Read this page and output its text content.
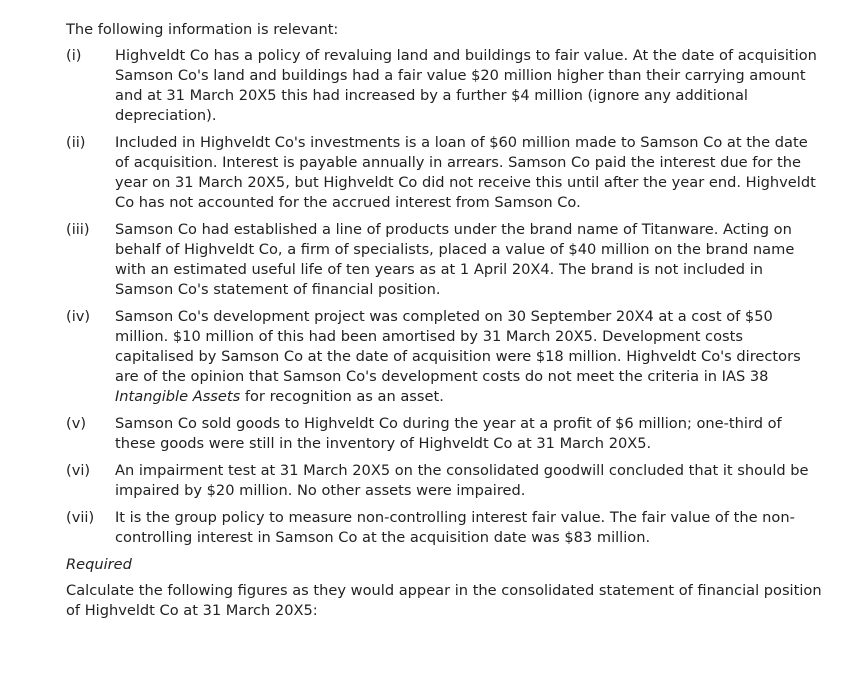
The following information is relevant:

(i)	Highveldt Co has a policy of revaluing land and buildings to fair value. At the date of acquisition Samson Co's land and buildings had a fair value $20 million higher than their carrying amount and at 31 March 20X5 this had increased by a further $4 million (ignore any additional depreciation).
(ii)	Included in Highveldt Co's investments is a loan of $60 million made to Samson Co at the date of acquisition. Interest is payable annually in arrears. Samson Co paid the interest due for the year on 31 March 20X5, but Highveldt Co did not receive this until after the year end. Highveldt Co has not accounted for the accrued interest from Samson Co.
(iii)	Samson Co had established a line of products under the brand name of Titanware. Acting on behalf of Highveldt Co, a firm of specialists, placed a value of $40 million on the brand name with an estimated useful life of ten years as at 1 April 20X4. The brand is not included in Samson Co's statement of financial position.
(iv)	Samson Co's development project was completed on 30 September 20X4 at a cost of $50 million. $10 million of this had been amortised by 31 March 20X5. Development costs capitalised by Samson Co at the date of acquisition were $18 million. Highveldt Co's directors are of the opinion that Samson Co's development costs do not meet the criteria in IAS 38 Intangible Assets for recognition as an asset.
(v)	Samson Co sold goods to Highveldt Co during the year at a profit of $6 million; one-third of these goods were still in the inventory of Highveldt Co at 31 March 20X5.
(vi)	An impairment test at 31 March 20X5 on the consolidated goodwill concluded that it should be impaired by $20 million. No other assets were impaired.
(vii)	It is the group policy to measure non-controlling interest fair value. The fair value of the non-controlling interest in Samson Co at the acquisition date was $83 million.

Required

Calculate the following figures as they would appear in the consolidated statement of financial position of Highveldt Co at 31 March 20X5:
